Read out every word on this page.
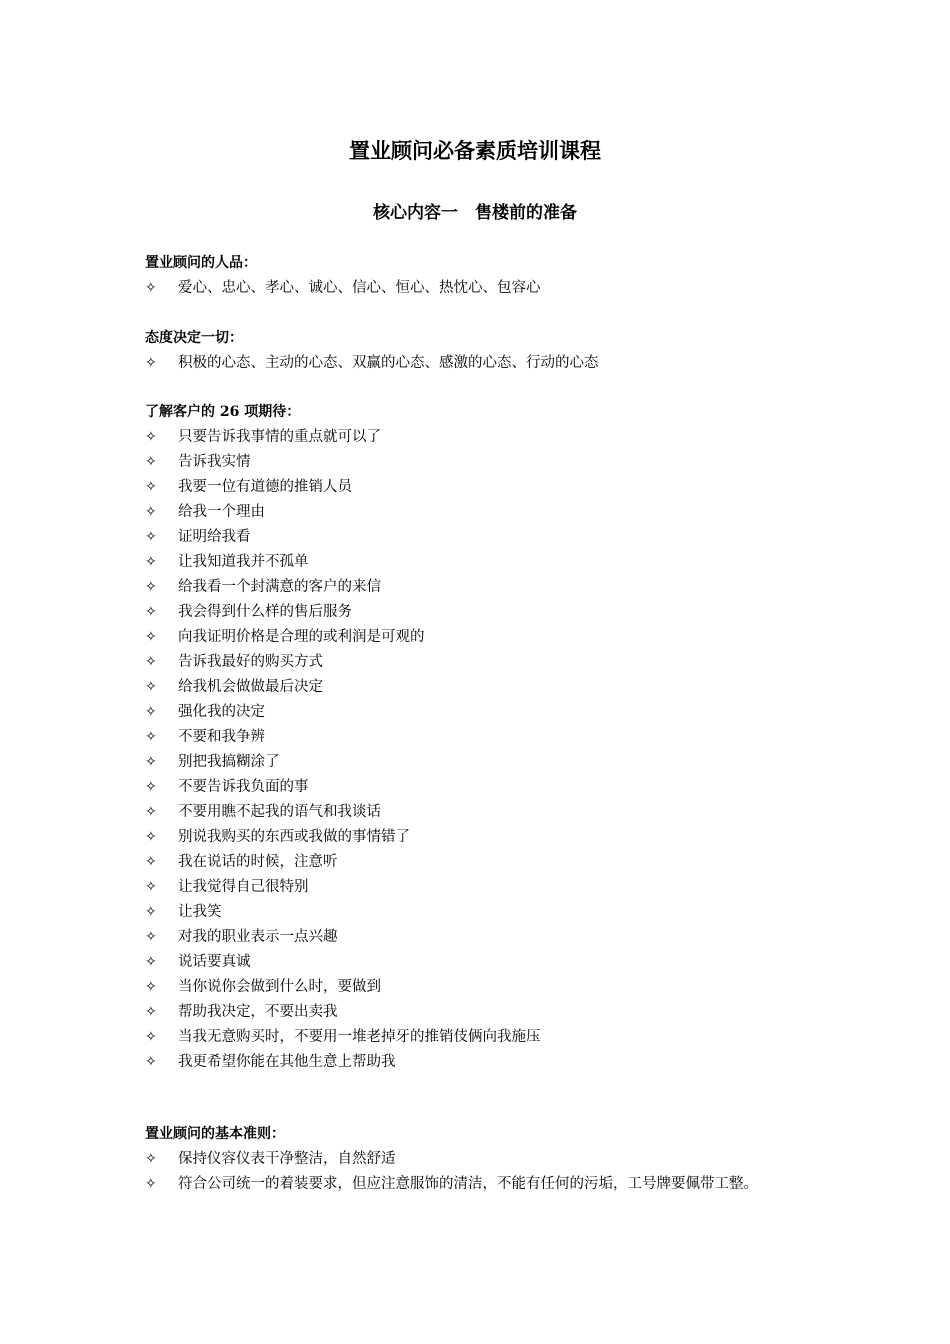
置业顾问必备素质培训课程
核心内容一　售楼前的准备
置业顾问的人品：
✧	爱心、忠心、孝心、诚心、信心、恒心、热忱心、包容心
态度决定一切：
✧	积极的心态、主动的心态、双赢的心态、感激的心态、行动的心态
了解客户的 26 项期待：
✧	只要告诉我事情的重点就可以了
✧	告诉我实情
✧	我要一位有道德的推销人员
✧	给我一个理由
✧	证明给我看
✧	让我知道我并不孤单
✧	给我看一个封满意的客户的来信
✧	我会得到什么样的售后服务
✧	向我证明价格是合理的或利润是可观的
✧	告诉我最好的购买方式
✧	给我机会做做最后决定
✧	强化我的决定
✧	不要和我争辨
✧	别把我搞糊涂了
✧	不要告诉我负面的事
✧	不要用瞧不起我的语气和我谈话
✧	别说我购买的东西或我做的事情错了
✧	我在说话的时候，注意听
✧	让我觉得自己很特别
✧	让我笑
✧	对我的职业表示一点兴趣
✧	说话要真诚
✧	当你说你会做到什么时，要做到
✧	帮助我决定，不要出卖我
✧	当我无意购买时，不要用一堆老掉牙的推销伎俩向我施压
✧	我更希望你能在其他生意上帮助我
置业顾问的基本准则：
✧	保持仪容仪表干净整洁，自然舒适
✧	符合公司统一的着装要求，但应注意服饰的清洁，不能有任何的污垢，工号牌要佩带工整。
